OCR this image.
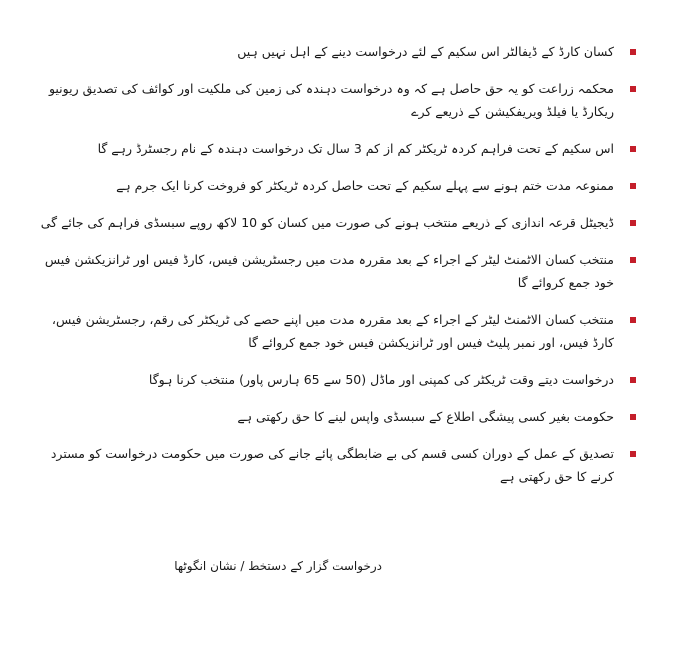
کسان کارڈ کے ڈیفالٹر اس سکیم کے لئے درخواست دینے کے اہل نہیں ہیں
محکمہ زراعت کو یہ حق حاصل ہے کہ وہ درخواست دہندہ کی زمین کی ملکیت اور کوائف کی تصدیق ریونیو ریکارڈ یا فیلڈ ویریفکیشن کے ذریعے کرے
اس سکیم کے تحت فراہم کردہ ٹریکٹر کم از کم 3 سال تک درخواست دہندہ کے نام رجسٹرڈ رہے گا
ممنوعہ مدت ختم ہونے سے پہلے سکیم کے تحت حاصل کردہ ٹریکٹر کو فروخت کرنا ایک جرم ہے
ڈیجیٹل قرعہ اندازی کے ذریعے منتخب ہونے کی صورت میں کسان کو 10 لاکھ روپے سبسڈی فراہم کی جائے گی
منتخب کسان الاٹمنٹ لیٹر کے اجراء کے بعد مقررہ مدت میں رجسٹریشن فیس، کارڈ فیس اور ٹرانزیکشن فیس خود جمع کروائے گا
منتخب کسان الاٹمنٹ لیٹر کے اجراء کے بعد مقررہ مدت میں اپنے حصے کی ٹریکٹر کی رقم، رجسٹریشن فیس، کارڈ فیس، اور نمبر پلیٹ فیس اور ٹرانزیکشن فیس خود جمع کروائے گا
درخواست دیتے وقت ٹریکٹر کی کمپنی اور ماڈل (50 سے 65 ہارس پاور) منتخب کرنا ہوگا
حکومت بغیر کسی پیشگی اطلاع کے سبسڈی واپس لینے کا حق رکھتی ہے
تصدیق کے عمل کے دوران کسی قسم کی بے ضابطگی پائے جانے کی صورت میں حکومت درخواست کو مسترد کرنے کا حق رکھتی ہے
درخواست گزار کے دستخط / نشان انگوٹھا
